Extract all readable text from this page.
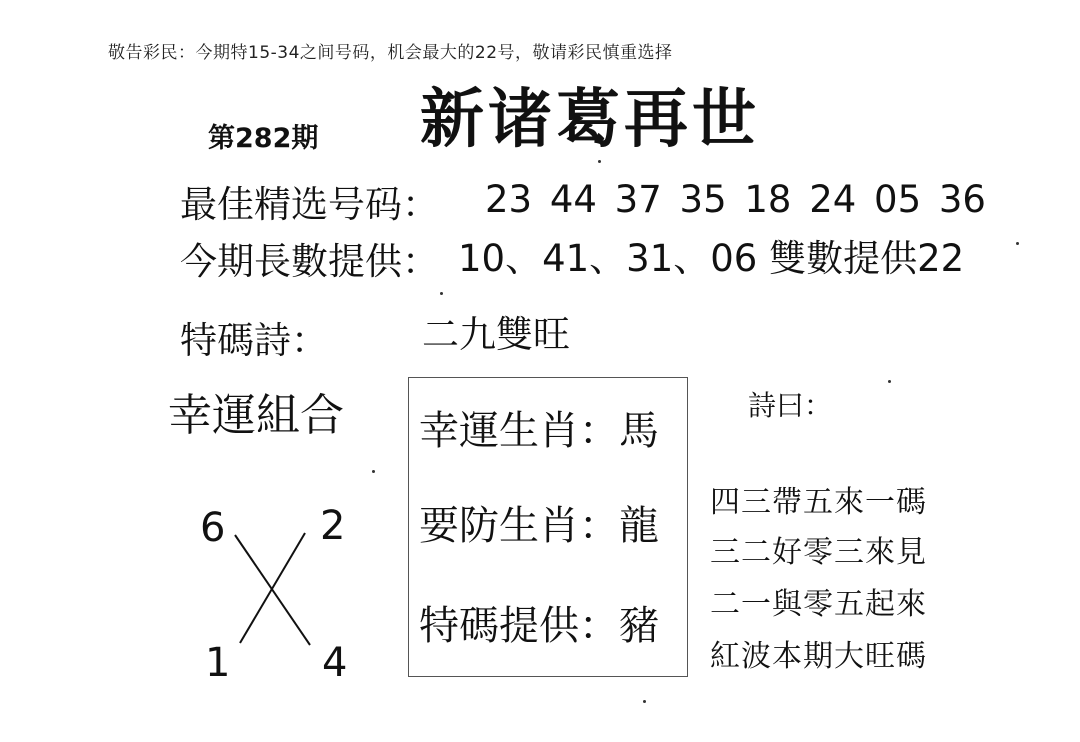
敬告彩民：今期特15-34之间号码，机会最大的22号，敬请彩民慎重选择
第282期 新诸葛再世
最佳精选号码： 23 44 37 35 18 24 05 36
今期長數提供： 10、41、31、06 雙數提供22
特碼詩：	二九雙旺
幸運組合
6 2
1 4
幸運生肖：馬
要防生肖：龍
特碼提供：豬
詩曰：
四三帶五來一碼
三二好零三來見
二一與零五起來
紅波本期大旺碼
